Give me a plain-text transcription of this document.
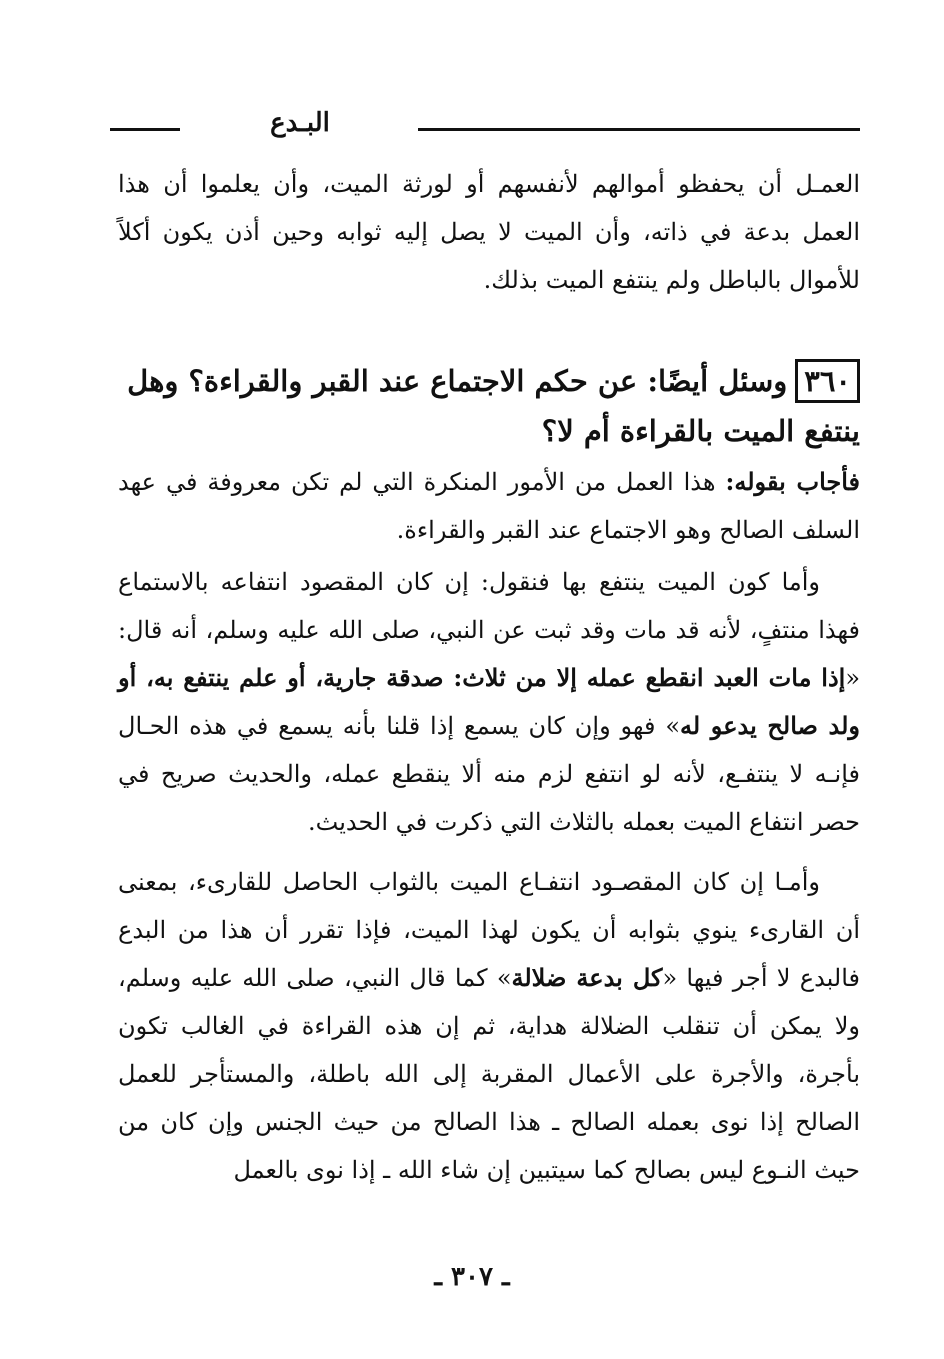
البـدع

العمـل أن يحفظو أموالهم لأنفسهم أو لورثة الميت، وأن يعلموا أن هذا العمل بدعة في ذاته، وأن الميت لا يصل إليه ثوابه وحين أذن يكون أكلاً للأموال بالباطل ولم ينتفع الميت بذلك.

٣٦٠وسئل أيضًا: عن حكم الاجتماع عند القبر والقراءة؟ وهل ينتفع الميت بالقراءة أم لا؟

فأجاب بقوله: هذا العمل من الأمور المنكرة التي لم تكن معروفة في عهد السلف الصالح وهو الاجتماع عند القبر والقراءة.

وأما كون الميت ينتفع بها فنقول: إن كان المقصود انتفاعه بالاستماع فهذا منتفٍ، لأنه قد مات وقد ثبت عن النبي، صلى الله عليه وسلم، أنه قال: «إذا مات العبد انقطع عمله إلا من ثلاث: صدقة جارية، أو علم ينتفع به، أو ولد صالح يدعو له» فهو وإن كان يسمع إذا قلنا بأنه يسمع في هذه الحـال فإنـه لا ينتفـع، لأنه لو انتفع لزم منه ألا ينقطع عمله، والحديث صريح في حصر انتفاع الميت بعمله بالثلاث التي ذكرت في الحديث.

وأمـا إن كان المقصـود انتفـاع الميت بالثواب الحاصل للقارىء، بمعنى أن القارىء ينوي بثوابه أن يكون لهذا الميت، فإذا تقرر أن هذا من البدع فالبدع لا أجر فيها «كل بدعة ضلالة» كما قال النبي، صلى الله عليه وسلم، ولا يمكن أن تنقلب الضلالة هداية، ثم إن هذه القراءة في الغالب تكون بأجرة، والأجرة على الأعمال المقربة إلى الله باطلة، والمستأجر للعمل الصالح إذا نوى بعمله الصالح ـ هذا الصالح من حيث الجنس وإن كان من حيث النـوع ليس بصالح كما سيتبين إن شاء الله ـ إذا نوى بالعمل

ـ ٣٠٧ ـ
